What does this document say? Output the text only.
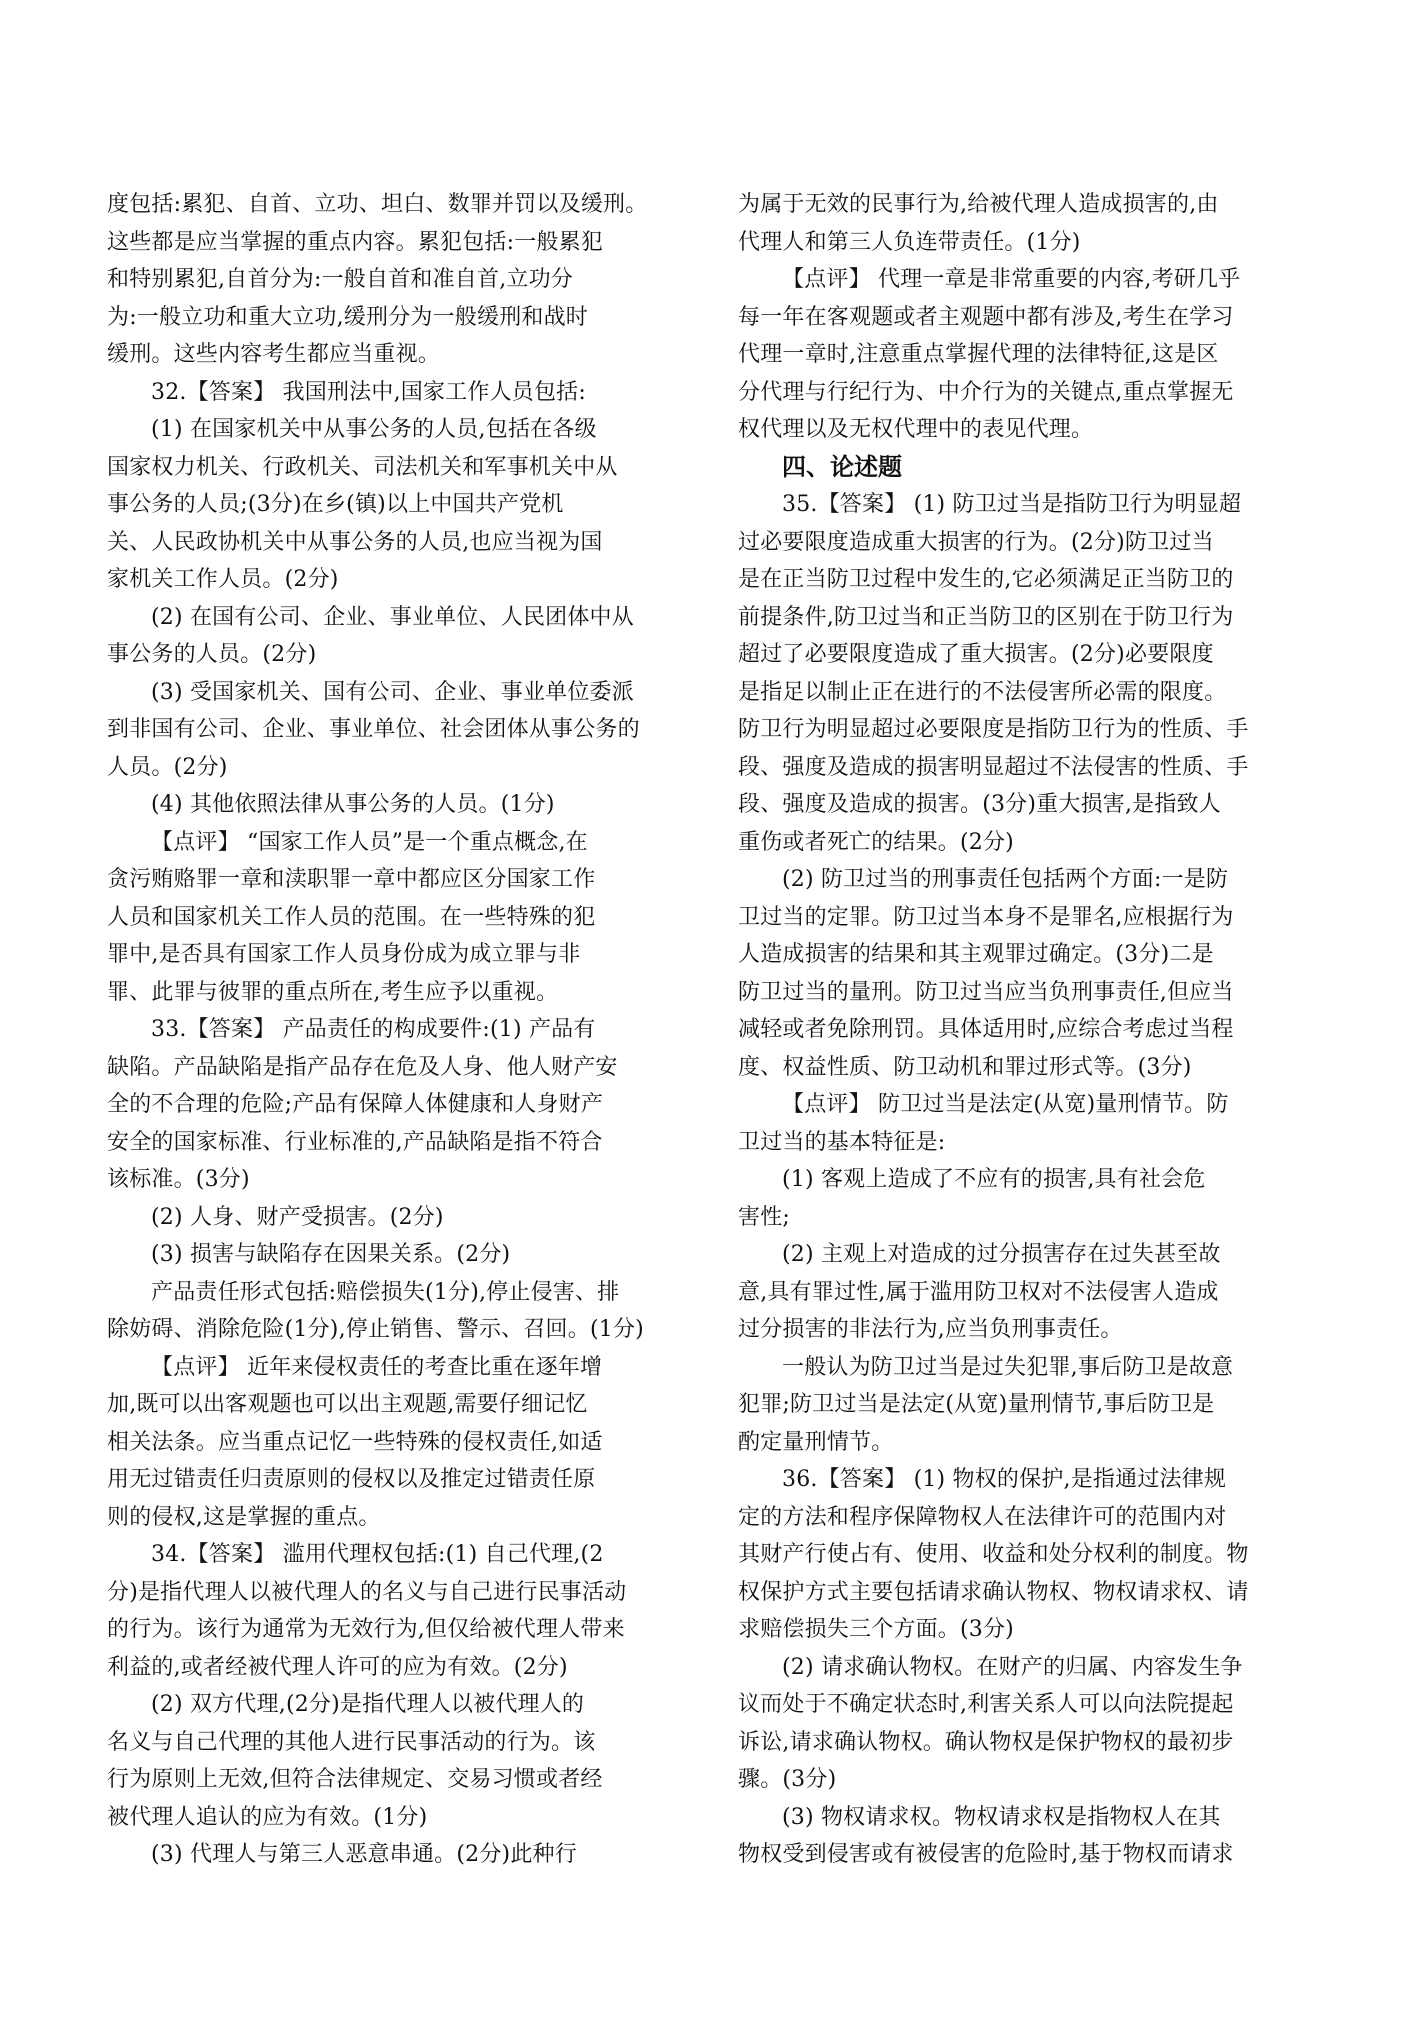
度包括:累犯、自首、立功、坦白、数罪并罚以及缓刑。
这些都是应当掌握的重点内容。累犯包括:一般累犯
和特别累犯,自首分为:一般自首和准自首,立功分
为:一般立功和重大立功,缓刑分为一般缓刑和战时
缓刑。这些内容考生都应当重视。
32.【答案】 我国刑法中,国家工作人员包括:
(1) 在国家机关中从事公务的人员,包括在各级
国家权力机关、行政机关、司法机关和军事机关中从
事公务的人员;(3分)在乡(镇)以上中国共产党机
关、人民政协机关中从事公务的人员,也应当视为国
家机关工作人员。(2分)
(2) 在国有公司、企业、事业单位、人民团体中从
事公务的人员。(2分)
(3) 受国家机关、国有公司、企业、事业单位委派
到非国有公司、企业、事业单位、社会团体从事公务的
人员。(2分)
(4) 其他依照法律从事公务的人员。(1分)
【点评】 “国家工作人员”是一个重点概念,在
贪污贿赂罪一章和渎职罪一章中都应区分国家工作
人员和国家机关工作人员的范围。在一些特殊的犯
罪中,是否具有国家工作人员身份成为成立罪与非
罪、此罪与彼罪的重点所在,考生应予以重视。
33.【答案】 产品责任的构成要件:(1) 产品有
缺陷。产品缺陷是指产品存在危及人身、他人财产安
全的不合理的危险;产品有保障人体健康和人身财产
安全的国家标准、行业标准的,产品缺陷是指不符合
该标准。(3分)
(2) 人身、财产受损害。(2分)
(3) 损害与缺陷存在因果关系。(2分)
产品责任形式包括:赔偿损失(1分),停止侵害、排
除妨碍、消除危险(1分),停止销售、警示、召回。(1分)
【点评】 近年来侵权责任的考查比重在逐年增
加,既可以出客观题也可以出主观题,需要仔细记忆
相关法条。应当重点记忆一些特殊的侵权责任,如适
用无过错责任归责原则的侵权以及推定过错责任原
则的侵权,这是掌握的重点。
34.【答案】 滥用代理权包括:(1) 自己代理,(2
分)是指代理人以被代理人的名义与自己进行民事活动
的行为。该行为通常为无效行为,但仅给被代理人带来
利益的,或者经被代理人许可的应为有效。(2分)
(2) 双方代理,(2分)是指代理人以被代理人的
名义与自己代理的其他人进行民事活动的行为。该
行为原则上无效,但符合法律规定、交易习惯或者经
被代理人追认的应为有效。(1分)
(3) 代理人与第三人恶意串通。(2分)此种行
为属于无效的民事行为,给被代理人造成损害的,由
代理人和第三人负连带责任。(1分)
【点评】 代理一章是非常重要的内容,考研几乎
每一年在客观题或者主观题中都有涉及,考生在学习
代理一章时,注意重点掌握代理的法律特征,这是区
分代理与行纪行为、中介行为的关键点,重点掌握无
权代理以及无权代理中的表见代理。
四、论述题
35.【答案】 (1) 防卫过当是指防卫行为明显超
过必要限度造成重大损害的行为。(2分)防卫过当
是在正当防卫过程中发生的,它必须满足正当防卫的
前提条件,防卫过当和正当防卫的区别在于防卫行为
超过了必要限度造成了重大损害。(2分)必要限度
是指足以制止正在进行的不法侵害所必需的限度。
防卫行为明显超过必要限度是指防卫行为的性质、手
段、强度及造成的损害明显超过不法侵害的性质、手
段、强度及造成的损害。(3分)重大损害,是指致人
重伤或者死亡的结果。(2分)
(2) 防卫过当的刑事责任包括两个方面:一是防
卫过当的定罪。防卫过当本身不是罪名,应根据行为
人造成损害的结果和其主观罪过确定。(3分)二是
防卫过当的量刑。防卫过当应当负刑事责任,但应当
减轻或者免除刑罚。具体适用时,应综合考虑过当程
度、权益性质、防卫动机和罪过形式等。(3分)
【点评】 防卫过当是法定(从宽)量刑情节。防
卫过当的基本特征是:
(1) 客观上造成了不应有的损害,具有社会危
害性;
(2) 主观上对造成的过分损害存在过失甚至故
意,具有罪过性,属于滥用防卫权对不法侵害人造成
过分损害的非法行为,应当负刑事责任。
一般认为防卫过当是过失犯罪,事后防卫是故意
犯罪;防卫过当是法定(从宽)量刑情节,事后防卫是
酌定量刑情节。
36.【答案】 (1) 物权的保护,是指通过法律规
定的方法和程序保障物权人在法律许可的范围内对
其财产行使占有、使用、收益和处分权利的制度。物
权保护方式主要包括请求确认物权、物权请求权、请
求赔偿损失三个方面。(3分)
(2) 请求确认物权。在财产的归属、内容发生争
议而处于不确定状态时,利害关系人可以向法院提起
诉讼,请求确认物权。确认物权是保护物权的最初步
骤。(3分)
(3) 物权请求权。物权请求权是指物权人在其
物权受到侵害或有被侵害的危险时,基于物权而请求
